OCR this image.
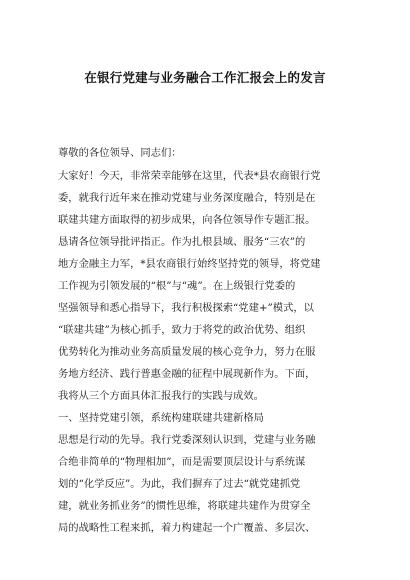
在银行党建与业务融合工作汇报会上的发言
尊敬的各位领导、同志们：
大家好！今天，非常荣幸能够在这里，代表*县农商银行党
委，就我行近年来在推动党建与业务深度融合，特别是在
联建共建方面取得的初步成果，向各位领导作专题汇报。
恳请各位领导批评指正。作为扎根县域、服务“三农”的
地方金融主力军，*县农商银行始终坚持党的领导，将党建
工作视为引领发展的“根”与“魂”。在上级银行党委的
坚强领导和悉心指导下，我行积极探索“党建+”模式，以
“联建共建”为核心抓手，致力于将党的政治优势、组织
优势转化为推动业务高质量发展的核心竞争力，努力在服
务地方经济、践行普惠金融的征程中展现新作为。下面，
我将从三个方面具体汇报我行的实践与成效。
一、坚持党建引领，系统构建联建共建新格局
思想是行动的先导。我行党委深刻认识到，党建与业务融
合绝非简单的“物理相加”，而是需要顶层设计与系统谋
划的“化学反应”。为此，我们摒弃了过去“就党建抓党
建，就业务抓业务”的惯性思维，将联建共建作为贯穿全
局的战略性工程来抓，着力构建起一个广覆盖、多层次、
